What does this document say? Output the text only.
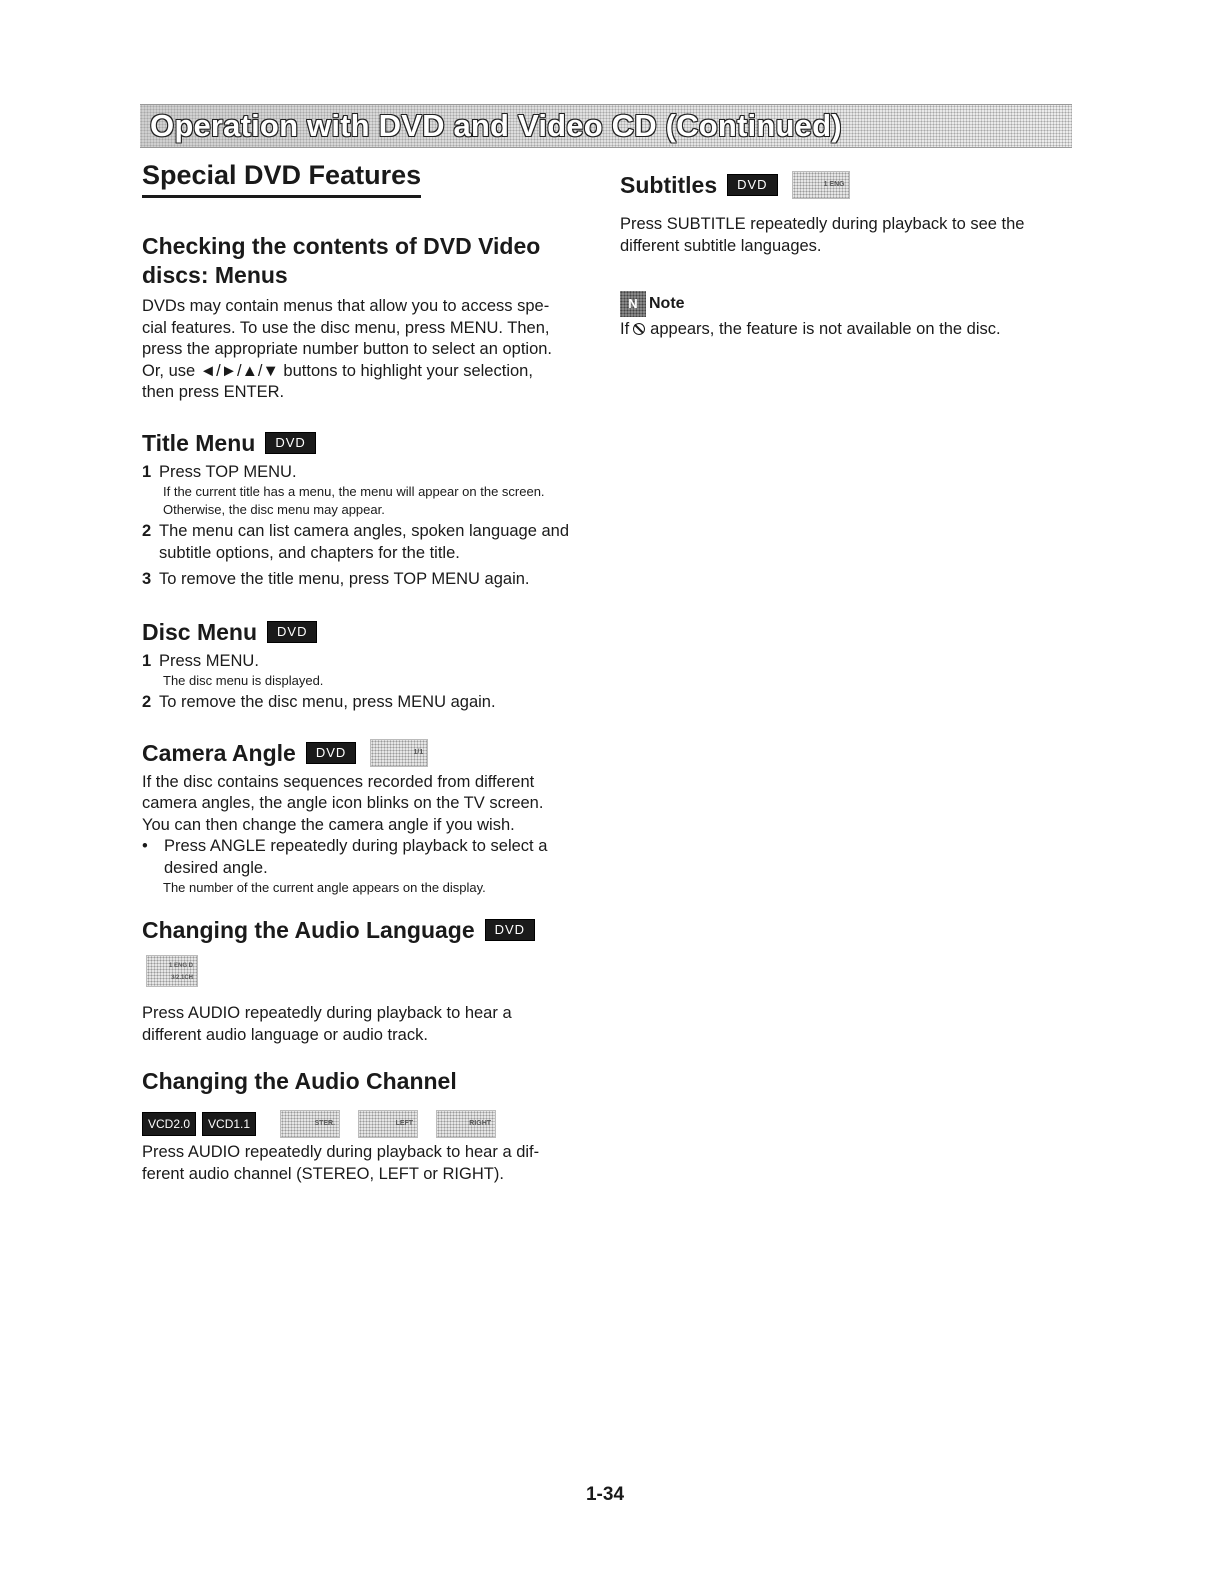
Operation with DVD and Video CD (Continued)
Special DVD Features
Checking the contents of DVD Video discs: Menus

DVDs may contain menus that allow you to access spe-

cial features. To use the disc menu, press MENU. Then,

press the appropriate number button to select an option.

Or, use ◄/►/▲/▼ buttons to highlight your selection,

then press ENTER.

Title Menu	DVD
1 Press TOP MENU.
If the current title has a menu, the menu will appear on the screen. Otherwise, the disc menu may appear.
2 The menu can list camera angles, spoken language and subtitle options, and chapters for the title.
3 To remove the title menu, press TOP MENU again.
Disc Menu	DVD
1 Press MENU.
The disc menu is displayed.
2 To remove the disc menu, press MENU again.
Camera Angle	DVD	1/1

If the disc contains sequences recorded from different

camera angles, the angle icon blinks on the TV screen.

You can then change the camera angle if you wish.

• Press ANGLE repeatedly during playback to select a desired angle.

The number of the current angle appears on the display.

Changing the Audio Language	DVD
1 ENG D 3/2.1CH

Press AUDIO repeatedly during playback to hear a

different audio language or audio track.

Changing the Audio Channel
VCD2.0	VCD1.1	STER.	LEFT	RIGHT

Press AUDIO repeatedly during playback to hear a dif-

ferent audio channel (STEREO, LEFT or RIGHT).

Subtitles	DVD	1 ENG

Press SUBTITLE repeatedly during playback to see the

different subtitle languages.

N Note

If appears, the feature is not available on the disc.

1-34
